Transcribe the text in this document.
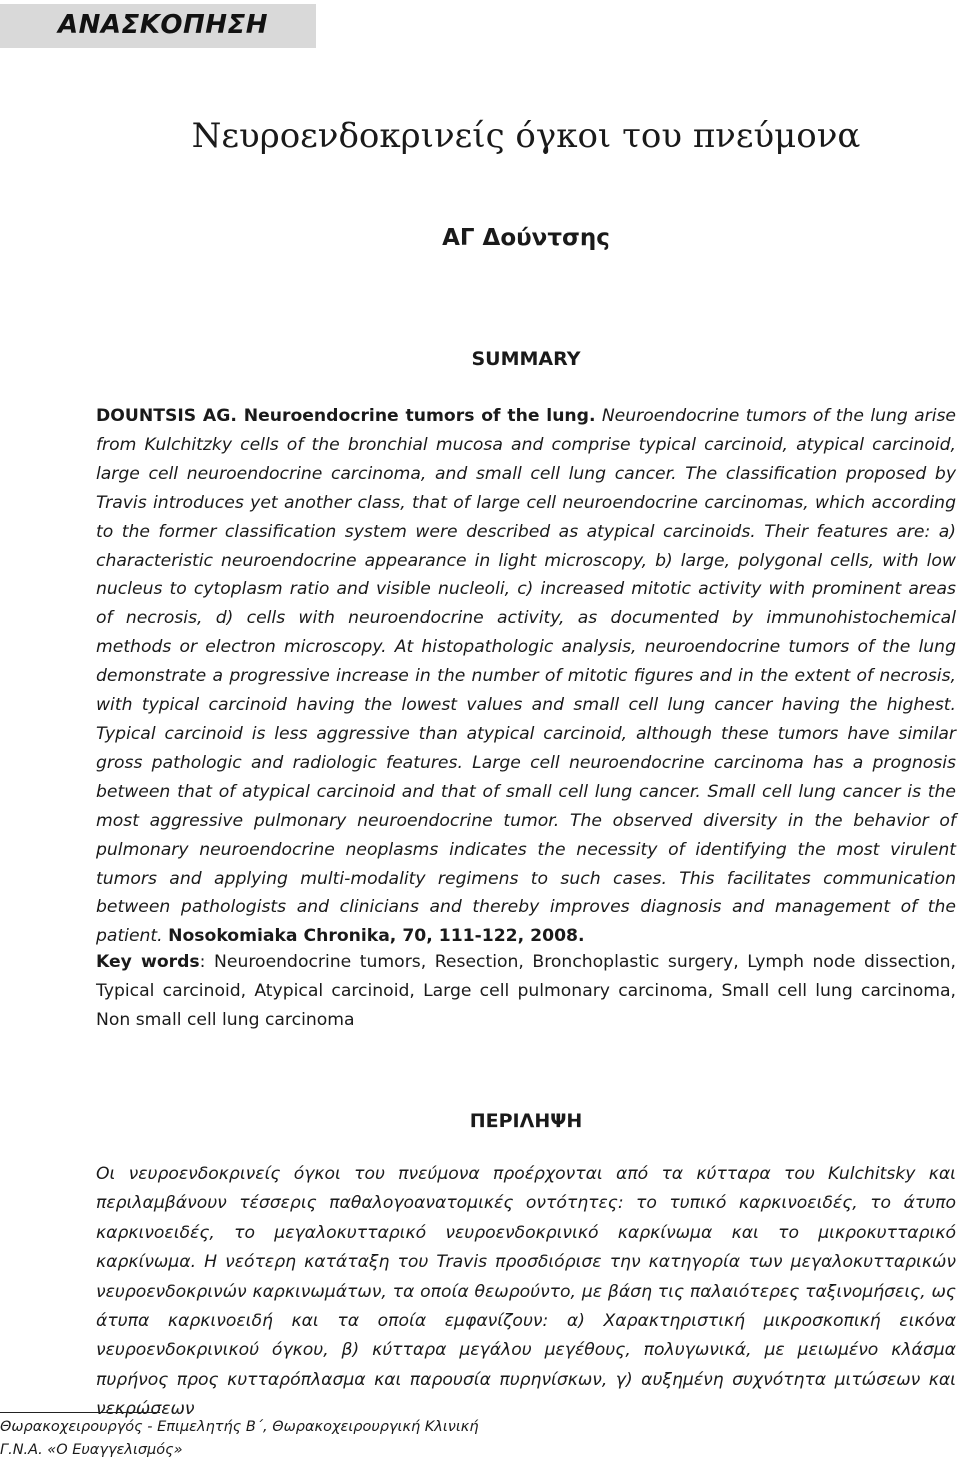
ΑΝΑΣΚΟΠΗΣΗ
Νευροενδοκρινείς όγκοι του πνεύμονα
ΑΓ Δούντσης
SUMMARY

DOUNTSIS AG. Neuroendocrine tumors of the lung. Neuroendocrine tumors of the lung arise from Kulchitzky cells of the bronchial mucosa and comprise typical carcinoid, atypical carcinoid, large cell neuroendocrine carcinoma, and small cell lung cancer. The classification proposed by Travis introduces yet another class, that of large cell neuroendocrine carcinomas, which according to the former classification system were described as atypical carcinoids. Their features are: a) characteristic neuroendocrine appearance in light microscopy, b) large, polygonal cells, with low nucleus to cytoplasm ratio and visible nucleoli, c) increased mitotic activity with prominent areas of necrosis, d) cells with neuroendocrine activity, as documented by immunohistochemical methods or electron microscopy. At histopathologic analysis, neuroendocrine tumors of the lung demonstrate a progressive increase in the number of mitotic figures and in the extent of necrosis, with typical carcinoid having the lowest values and small cell lung cancer having the highest. Typical carcinoid is less aggressive than atypical carcinoid, although these tumors have similar gross pathologic and radiologic features. Large cell neuroendocrine carcinoma has a prognosis between that of atypical carcinoid and that of small cell lung cancer. Small cell lung cancer is the most aggressive pulmonary neuroendocrine tumor. The observed diversity in the behavior of pulmonary neuroendocrine neoplasms indicates the necessity of identifying the most virulent tumors and applying multi-modality regimens to such cases. This facilitates communication between pathologists and clinicians and thereby improves diagnosis and management of the patient. Nosokomiaka Chronika, 70, 111-122, 2008.

Key words: Neuroendocrine tumors, Resection, Bronchoplastic surgery, Lymph node dissection, Typical carcinoid, Atypical carcinoid, Large cell pulmonary carcinoma, Small cell lung carcinoma, Non small cell lung carcinoma

ΠΕΡΙΛΗΨΗ

Οι νευροενδοκρινείς όγκοι του πνεύμονα προέρχονται από τα κύτταρα του Kulchitsky και περιλαμβάνουν τέσσερις παθαλογοανατομικές οντότητες: το τυπικό καρκινοειδές, το άτυπο καρκινοειδές, το μεγαλοκυτταρικό νευροενδοκρινικό καρκίνωμα και το μικροκυτταρικό καρκίνωμα. Η νεότερη κατάταξη του Travis προσδιόρισε την κατηγορία των μεγαλοκυτταρικών νευροενδοκρινών καρκινωμάτων, τα οποία θεωρούντο, με βάση τις παλαιότερες ταξινομήσεις, ως άτυπα καρκινοειδή και τα οποία εμφανίζουν: α) Χαρακτηριστική μικροσκοπική εικόνα νευροενδοκρινικού όγκου, β) κύτταρα μεγάλου μεγέθους, πολυγωνικά, με μειωμένο κλάσμα πυρήνος προς κυτταρόπλασμα και παρουσία πυρηνίσκων, γ) αυξημένη συχνότητα μιτώσεων και νεκρώσεων

Θωρακοχειρουργός - Επιμελητής Β΄, Θωρακοχειρουργική Κλινική
Γ.Ν.Α. «Ο Ευαγγελισμός»
